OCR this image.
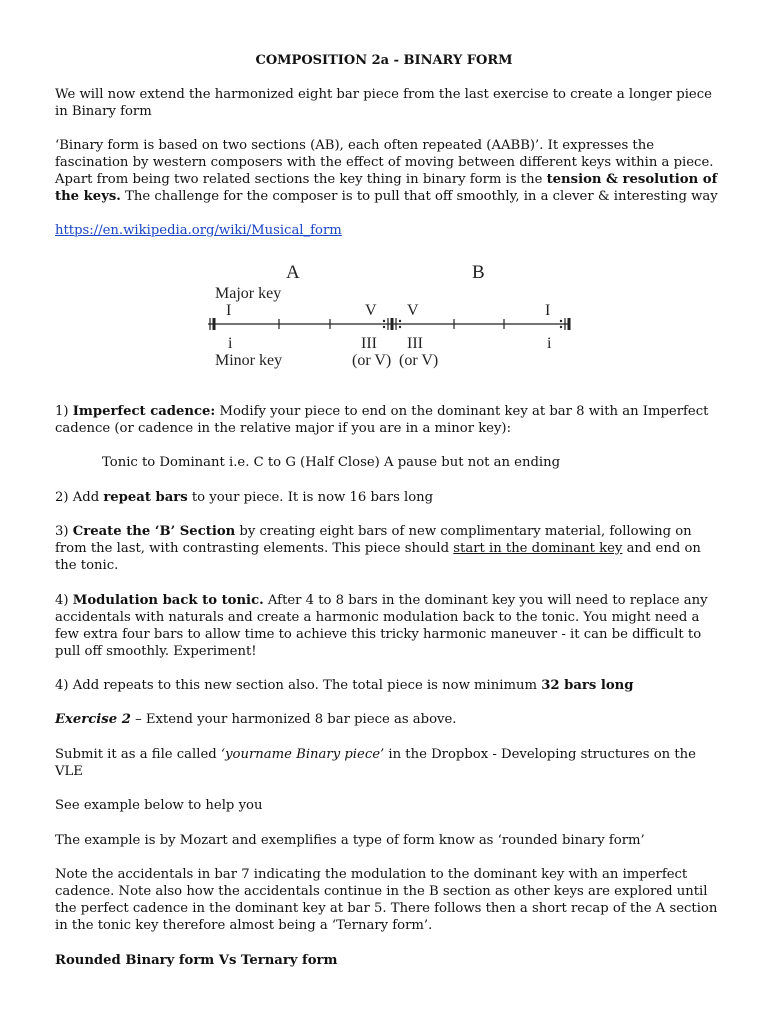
COMPOSITION 2a - BINARY FORM

We will now extend the harmonized eight bar piece from the last exercise to create a longer piece in Binary form

‘Binary form is based on two sections (AB), each often repeated (AABB)’. It expresses the fascination by western composers with the effect of moving between different keys within a piece. Apart from being two related sections the key thing in binary form is the tension & resolution of the keys. The challenge for the composer is to pull that off smoothly, in a clever & interesting way

https://en.wikipedia.org/wiki/Musical_form

A	B
Major key
I	V V	I
i	III III	i
Minor key	(or V) (or V)

1) Imperfect cadence: Modify your piece to end on the dominant key at bar 8 with an Imperfect cadence (or cadence in the relative major if you are in a minor key):

Tonic to Dominant i.e. C to G (Half Close) A pause but not an ending

2) Add repeat bars to your piece. It is now 16 bars long

3) Create the ‘B’ Section by creating eight bars of new complimentary material, following on from the last, with contrasting elements. This piece should start in the dominant key and end on the tonic.

4) Modulation back to tonic. After 4 to 8 bars in the dominant key you will need to replace any accidentals with naturals and create a harmonic modulation back to the tonic. You might need a few extra four bars to allow time to achieve this tricky harmonic maneuver - it can be difficult to pull off smoothly. Experiment!

4) Add repeats to this new section also. The total piece is now minimum 32 bars long

Exercise 2 – Extend your harmonized 8 bar piece as above.

Submit it as a file called ‘yourname Binary piece’ in the Dropbox - Developing structures on the VLE

See example below to help you

The example is by Mozart and exemplifies a type of form know as ‘rounded binary form’

Note the accidentals in bar 7 indicating the modulation to the dominant key with an imperfect cadence. Note also how the accidentals continue in the B section as other keys are explored until the perfect cadence in the dominant key at bar 5. There follows then a short recap of the A section in the tonic key therefore almost being a ‘Ternary form’.

Rounded Binary form Vs Ternary form
